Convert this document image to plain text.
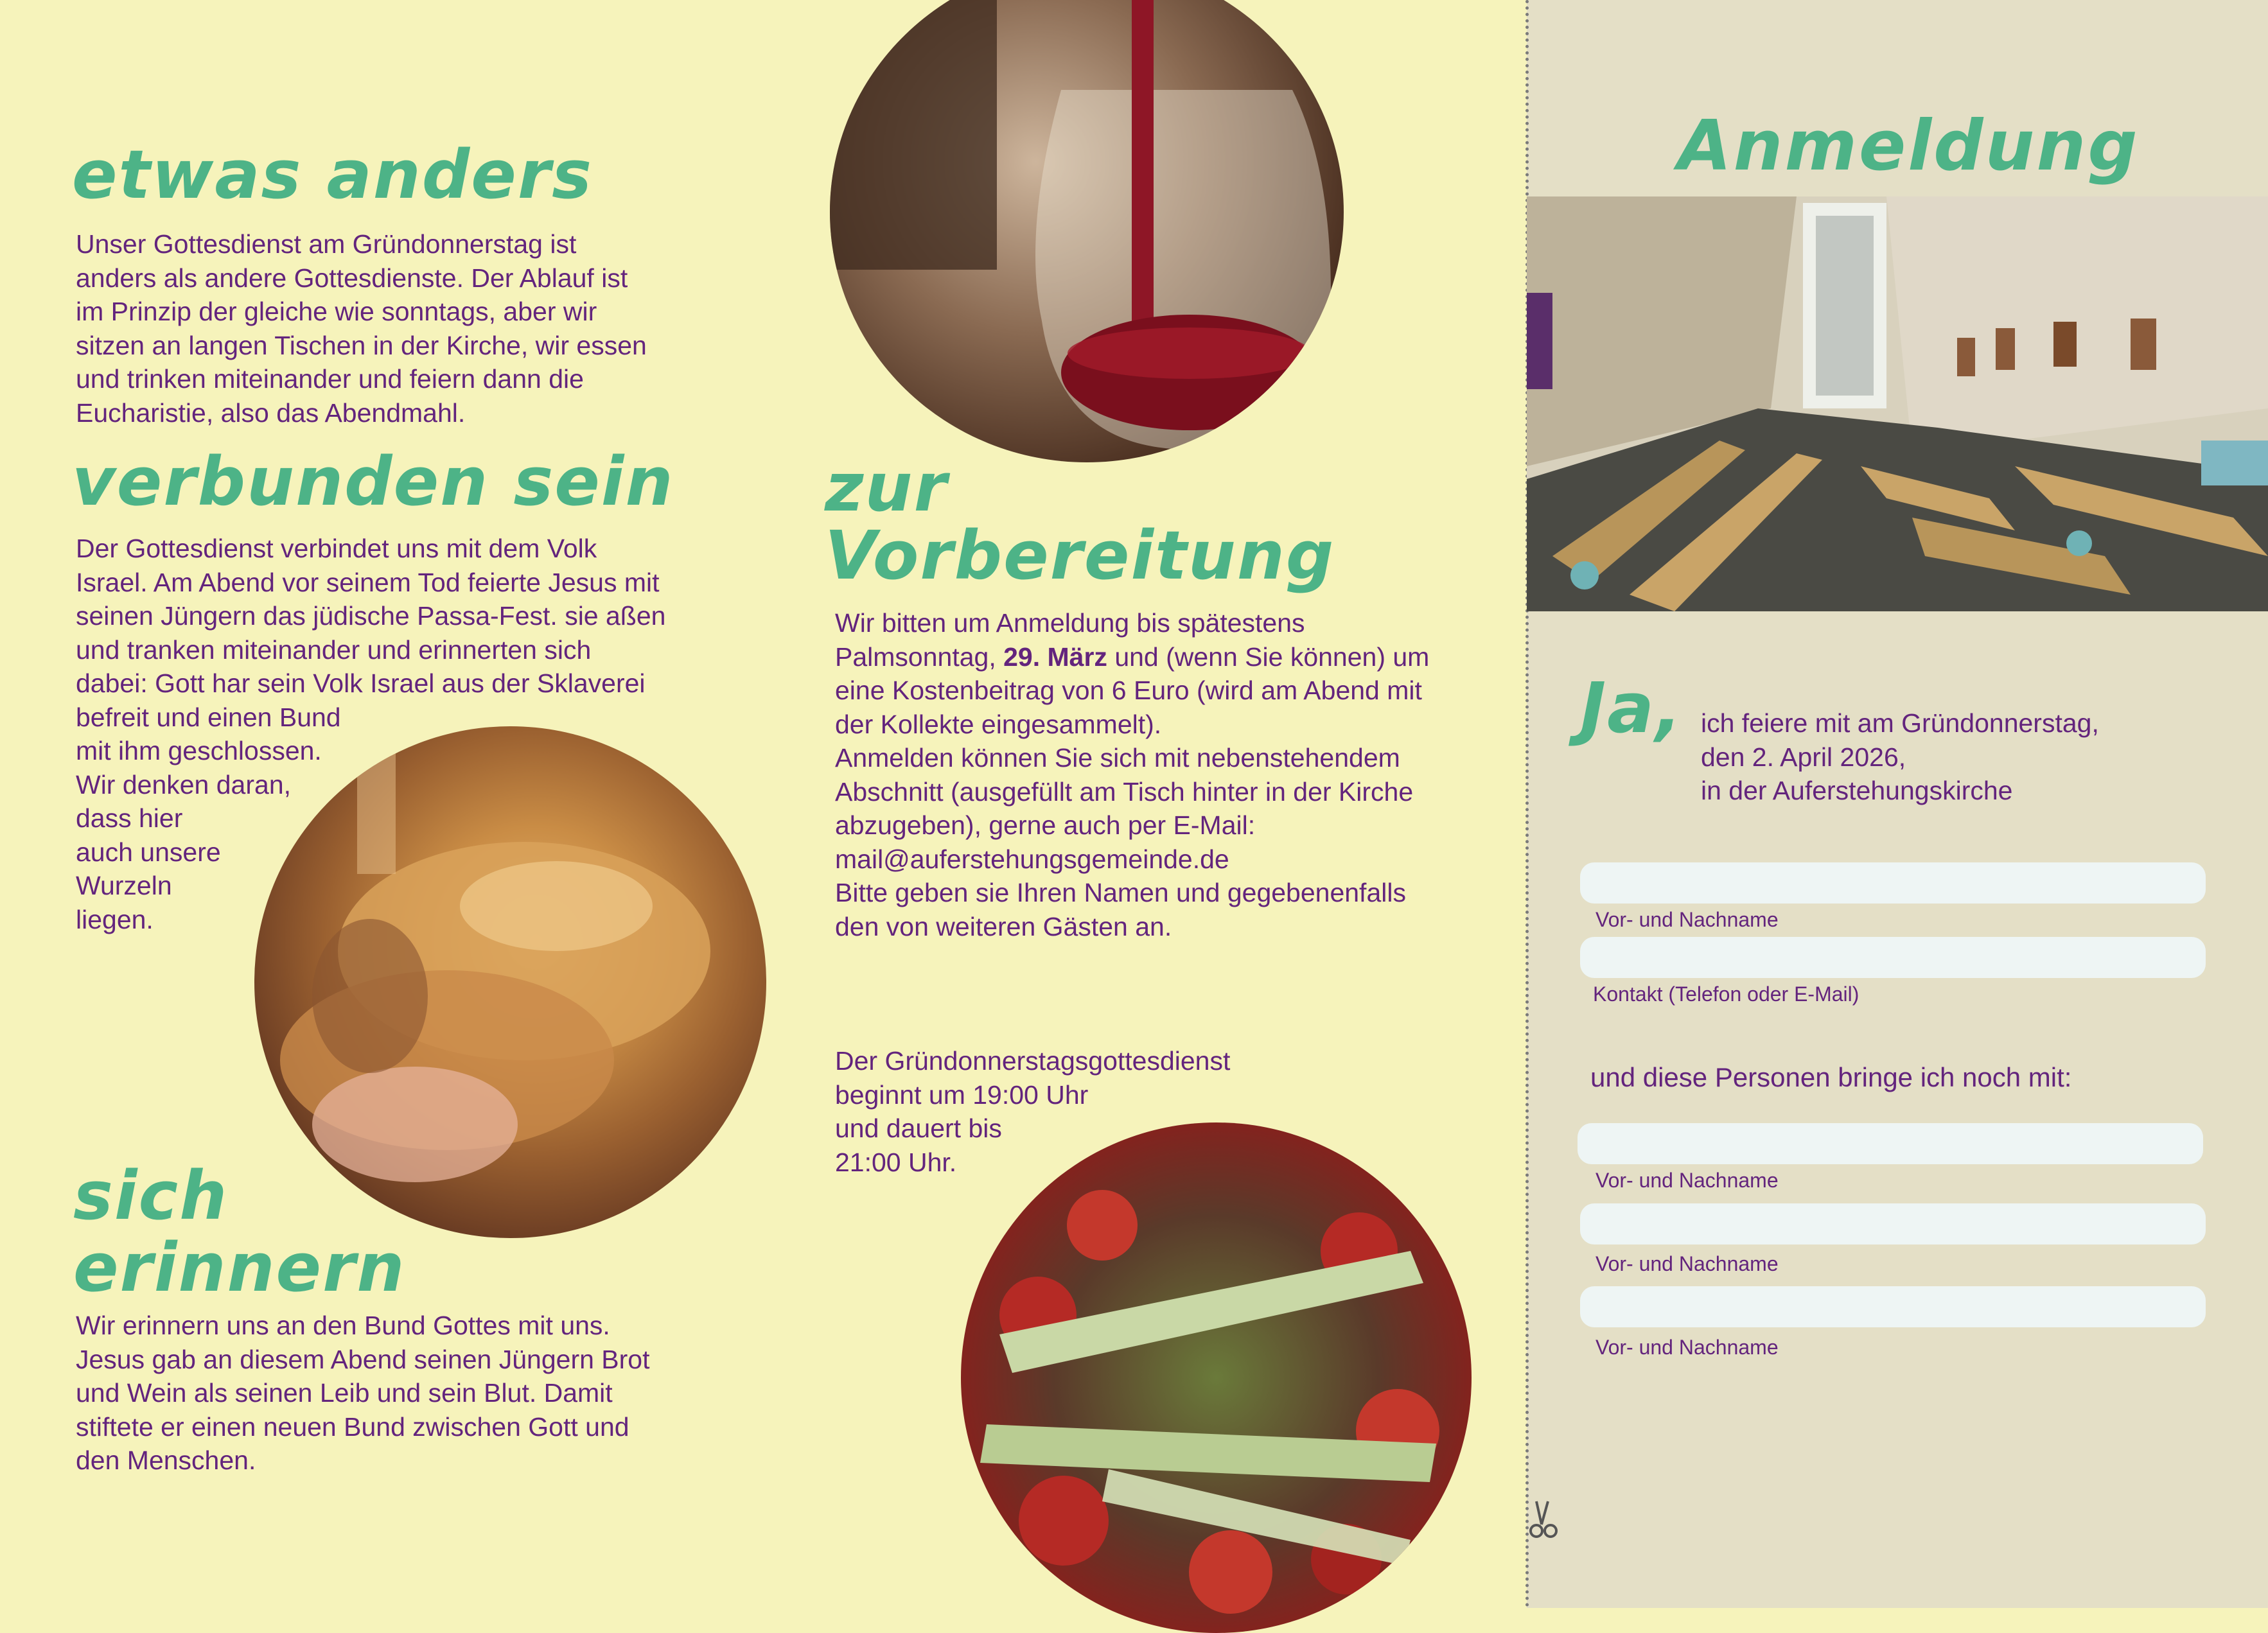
etwas anders
Unser Gottesdienst am Gründonnerstag ist
anders als andere Gottesdienste. Der Ablauf ist
im Prinzip der gleiche wie sonntags, aber wir
sitzen an langen Tischen in der Kirche, wir essen
und trinken miteinander und feiern dann die
Eucharistie, also das Abendmahl.
verbunden sein
Der Gottesdienst verbindet uns mit dem Volk
Israel. Am Abend vor seinem Tod feierte Jesus mit
seinen Jüngern das jüdische Passa-Fest. sie aßen
und tranken miteinander und erinnerten sich
dabei: Gott har sein Volk Israel aus der Sklaverei
befreit und einen Bund
mit ihm geschlossen.
Wir denken daran,
dass hier
auch unsere
Wurzeln
liegen.
sich
erinnern
Wir erinnern uns an den Bund Gottes mit uns.
Jesus gab an diesem Abend seinen Jüngern Brot
und Wein als seinen Leib und sein Blut. Damit
stiftete er einen neuen Bund zwischen Gott und
den Menschen.
zur
Vorbereitung
Wir bitten um Anmeldung bis spätestens
Palmsonntag, 29. März und (wenn Sie können) um
eine Kostenbeitrag von 6 Euro (wird am Abend mit
der Kollekte eingesammelt).
Anmelden können Sie sich mit nebenstehendem
Abschnitt (ausgefüllt am Tisch hinter in der Kirche
abzugeben), gerne auch per E-Mail:
mail@auferstehungsgemeinde.de
Bitte geben sie Ihren Namen und gegebenenfalls
den von weiteren Gästen an.
Der Gründonnerstagsgottesdienst
beginnt um 19:00 Uhr
und dauert bis
21:00 Uhr.
Anmeldung
Ja, ich feiere mit am Gründonnerstag,
den 2. April 2026,
in der Auferstehungskirche
Vor- und Nachname
Kontakt (Telefon oder E-Mail)
und diese Personen bringe ich noch mit:
Vor- und Nachname
Vor- und Nachname
Vor- und Nachname
